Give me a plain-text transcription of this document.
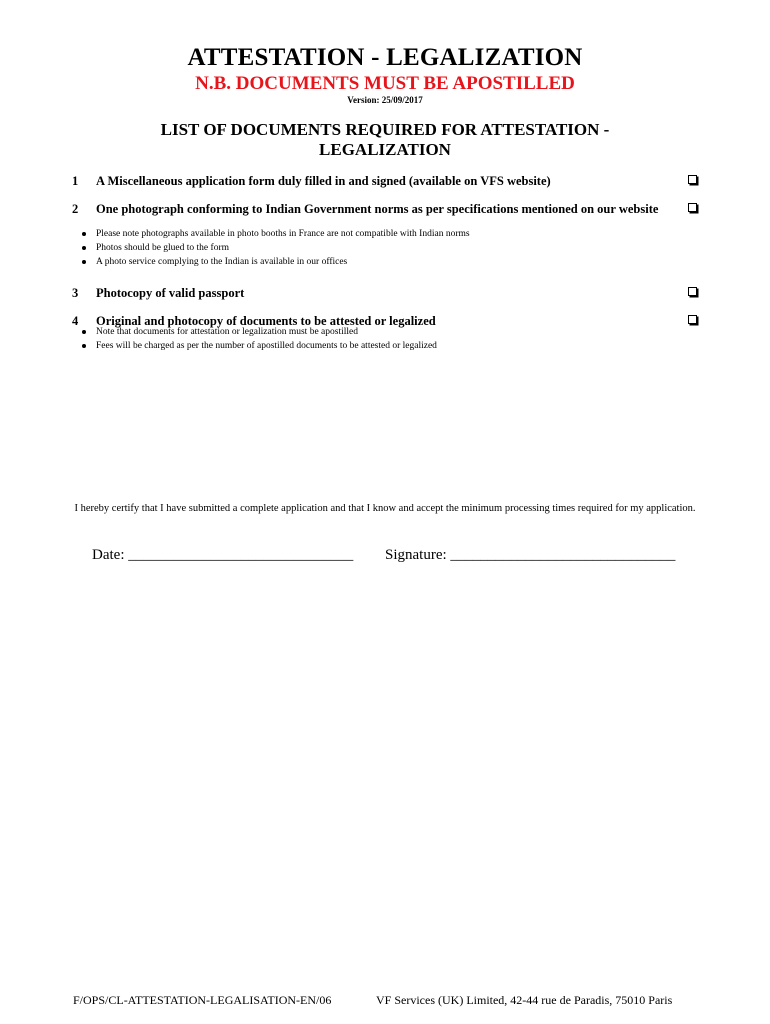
ATTESTATION - LEGALIZATION
N.B. DOCUMENTS MUST BE APOSTILLED
Version: 25/09/2017
LIST OF DOCUMENTS REQUIRED FOR ATTESTATION - LEGALIZATION
1	A Miscellaneous application form duly filled in and signed (available on VFS website)
2	One photograph conforming to Indian Government norms as per specifications mentioned on our website
Please note photographs available in photo booths in France are not compatible with Indian norms
Photos should be glued to the form
A photo service complying to the Indian is available in our offices
3	Photocopy of valid passport
4	Original and photocopy of documents to be attested or legalized
Note that documents for attestation or legalization must be apostilled
Fees will be charged as per the number of apostilled documents to be attested or legalized
I hereby certify that I have submitted a complete application and that I know and accept the minimum processing times required for my application.
Date: ______________________________ Signature: ______________________________
F/OPS/CL-ATTESTATION-LEGALISATION-EN/06	VF Services (UK) Limited, 42-44 rue de Paradis, 75010 Paris
